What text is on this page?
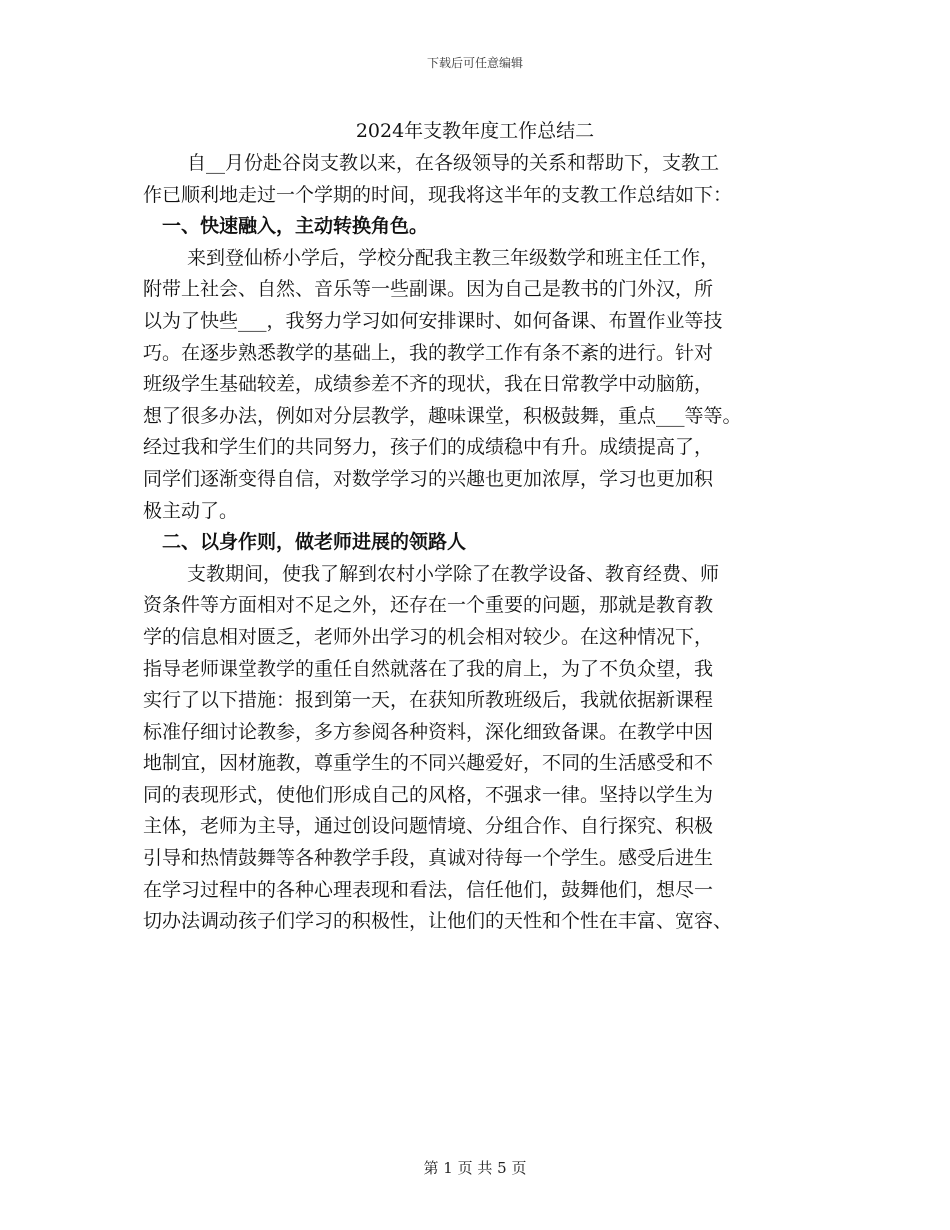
下载后可任意编辑
2024年支教年度工作总结二
自__月份赴谷岗支教以来，在各级领导的关系和帮助下，支教工
作已顺利地走过一个学期的时间，现我将这半年的支教工作总结如下：
一、快速融入，主动转换角色。
来到登仙桥小学后，学校分配我主教三年级数学和班主任工作，
附带上社会、自然、音乐等一些副课。因为自己是教书的门外汉，所
以为了快些___，我努力学习如何安排课时、如何备课、布置作业等技
巧。在逐步熟悉教学的基础上，我的教学工作有条不紊的进行。针对
班级学生基础较差，成绩参差不齐的现状，我在日常教学中动脑筋，
想了很多办法，例如对分层教学，趣味课堂，积极鼓舞，重点___等等。
经过我和学生们的共同努力，孩子们的成绩稳中有升。成绩提高了，
同学们逐渐变得自信，对数学学习的兴趣也更加浓厚，学习也更加积
极主动了。
二、以身作则，做老师进展的领路人
支教期间，使我了解到农村小学除了在教学设备、教育经费、师
资条件等方面相对不足之外，还存在一个重要的问题，那就是教育教
学的信息相对匮乏，老师外出学习的机会相对较少。在这种情况下，
指导老师课堂教学的重任自然就落在了我的肩上，为了不负众望，我
实行了以下措施：报到第一天，在获知所教班级后，我就依据新课程
标准仔细讨论教参，多方参阅各种资料，深化细致备课。在教学中因
地制宜，因材施教，尊重学生的不同兴趣爱好，不同的生活感受和不
同的表现形式，使他们形成自己的风格，不强求一律。坚持以学生为
主体，老师为主导，通过创设问题情境、分组合作、自行探究、积极
引导和热情鼓舞等各种教学手段，真诚对待每一个学生。感受后进生
在学习过程中的各种心理表现和看法，信任他们，鼓舞他们，想尽一
切办法调动孩子们学习的积极性，让他们的天性和个性在丰富、宽容、
第 1 页 共 5 页
